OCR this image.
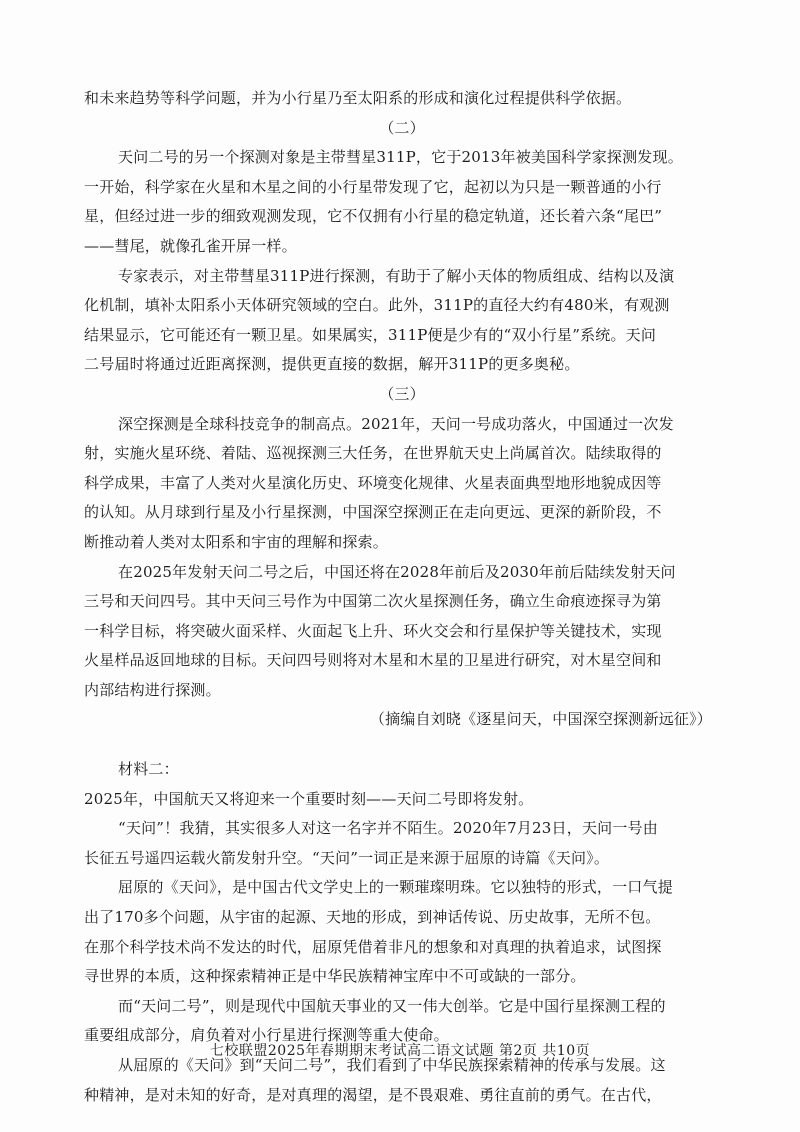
和未来趋势等科学问题，并为小行星乃至太阳系的形成和演化过程提供科学依据。
（二）
天问二号的另一个探测对象是主带彗星311P，它于2013年被美国科学家探测发现。
一开始，科学家在火星和木星之间的小行星带发现了它，起初以为只是一颗普通的小行
星，但经过进一步的细致观测发现，它不仅拥有小行星的稳定轨道，还长着六条“尾巴”
——彗尾，就像孔雀开屏一样。
专家表示，对主带彗星311P进行探测，有助于了解小天体的物质组成、结构以及演
化机制，填补太阳系小天体研究领域的空白。此外，311P的直径大约有480米，有观测
结果显示，它可能还有一颗卫星。如果属实，311P便是少有的“双小行星”系统。天问
二号届时将通过近距离探测，提供更直接的数据，解开311P的更多奥秘。
（三）
深空探测是全球科技竞争的制高点。2021年，天问一号成功落火，中国通过一次发
射，实施火星环绕、着陆、巡视探测三大任务，在世界航天史上尚属首次。陆续取得的
科学成果，丰富了人类对火星演化历史、环境变化规律、火星表面典型地形地貌成因等
的认知。从月球到行星及小行星探测，中国深空探测正在走向更远、更深的新阶段，不
断推动着人类对太阳系和宇宙的理解和探索。
在2025年发射天问二号之后，中国还将在2028年前后及2030年前后陆续发射天问
三号和天问四号。其中天问三号作为中国第二次火星探测任务，确立生命痕迹探寻为第
一科学目标，将突破火面采样、火面起飞上升、环火交会和行星保护等关键技术，实现
火星样品返回地球的目标。天问四号则将对木星和木星的卫星进行研究，对木星空间和
内部结构进行探测。
（摘编自刘晓《逐星问天，中国深空探测新远征》）
材料二：
2025年，中国航天又将迎来一个重要时刻——天问二号即将发射。
“天问”！我猜，其实很多人对这一名字并不陌生。2020年7月23日，天问一号由
长征五号遥四运载火箭发射升空。“天问”一词正是来源于屈原的诗篇《天问》。
屈原的《天问》，是中国古代文学史上的一颗璀璨明珠。它以独特的形式，一口气提
出了170多个问题，从宇宙的起源、天地的形成，到神话传说、历史故事，无所不包。
在那个科学技术尚不发达的时代，屈原凭借着非凡的想象和对真理的执着追求，试图探
寻世界的本质，这种探索精神正是中华民族精神宝库中不可或缺的一部分。
而“天问二号”，则是现代中国航天事业的又一伟大创举。它是中国行星探测工程的
重要组成部分，肩负着对小行星进行探测等重大使命。
从屈原的《天问》到“天问二号”，我们看到了中华民族探索精神的传承与发展。这
种精神，是对未知的好奇，是对真理的渴望，是不畏艰难、勇往直前的勇气。在古代，
七校联盟2025年春期期末考试高二语文试题 第2页 共10页
